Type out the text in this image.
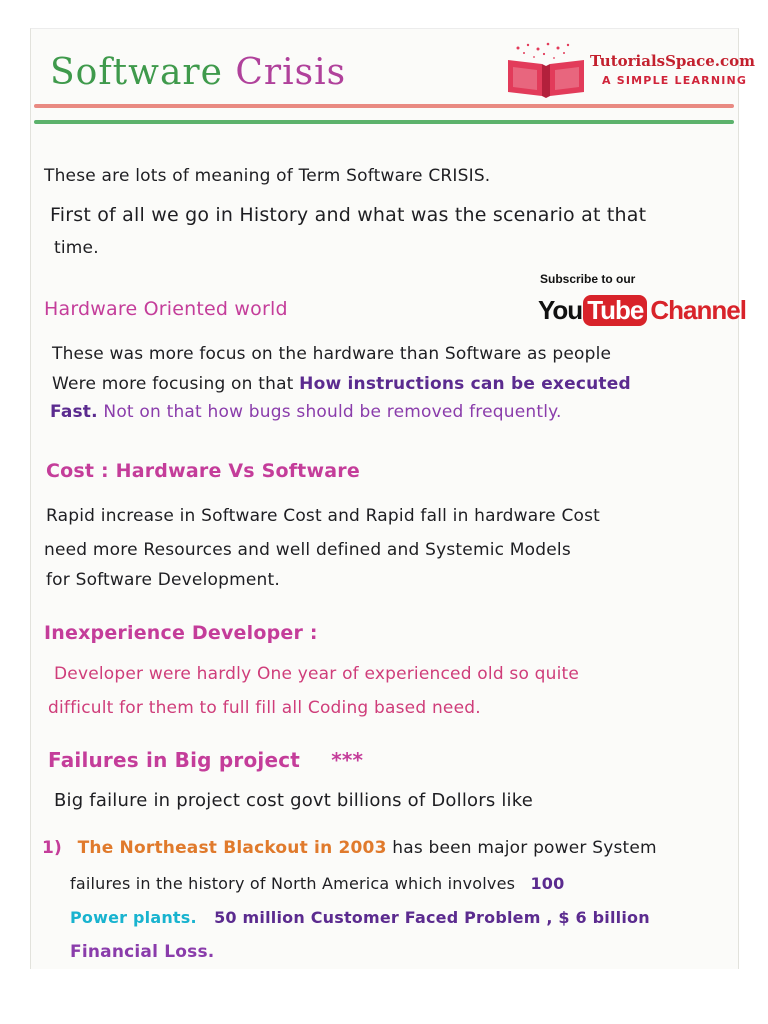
Software Crisis	TutorialsSpace.com
A SIMPLE LEARNING
These are lots of meaning of Term Software CRISIS.
First of all we go in History and what was the scenario at that
time.
Subscribe to our
You Tube Channel
Hardware Oriented world
These was more focus on the hardware than Software as people
Were more focusing on that How instructions can be executed
Fast. Not on that how bugs should be removed frequently.
Cost : Hardware Vs Software
Rapid increase in Software Cost and Rapid fall in hardware Cost
need more Resources and well defined and Systemic Models
for Software Development.
Inexperience Developer :
Developer were hardly One year of experienced old so quite
difficult for them to full fill all Coding based need.
Failures in Big project ***
Big failure in project cost govt billions of Dollors like
1) The Northeast Blackout in 2003 has been major power System
failures in the history of North America which involves 100
Power plants. 50 million Customer Faced Problem , $ 6 billion
Financial Loss.
